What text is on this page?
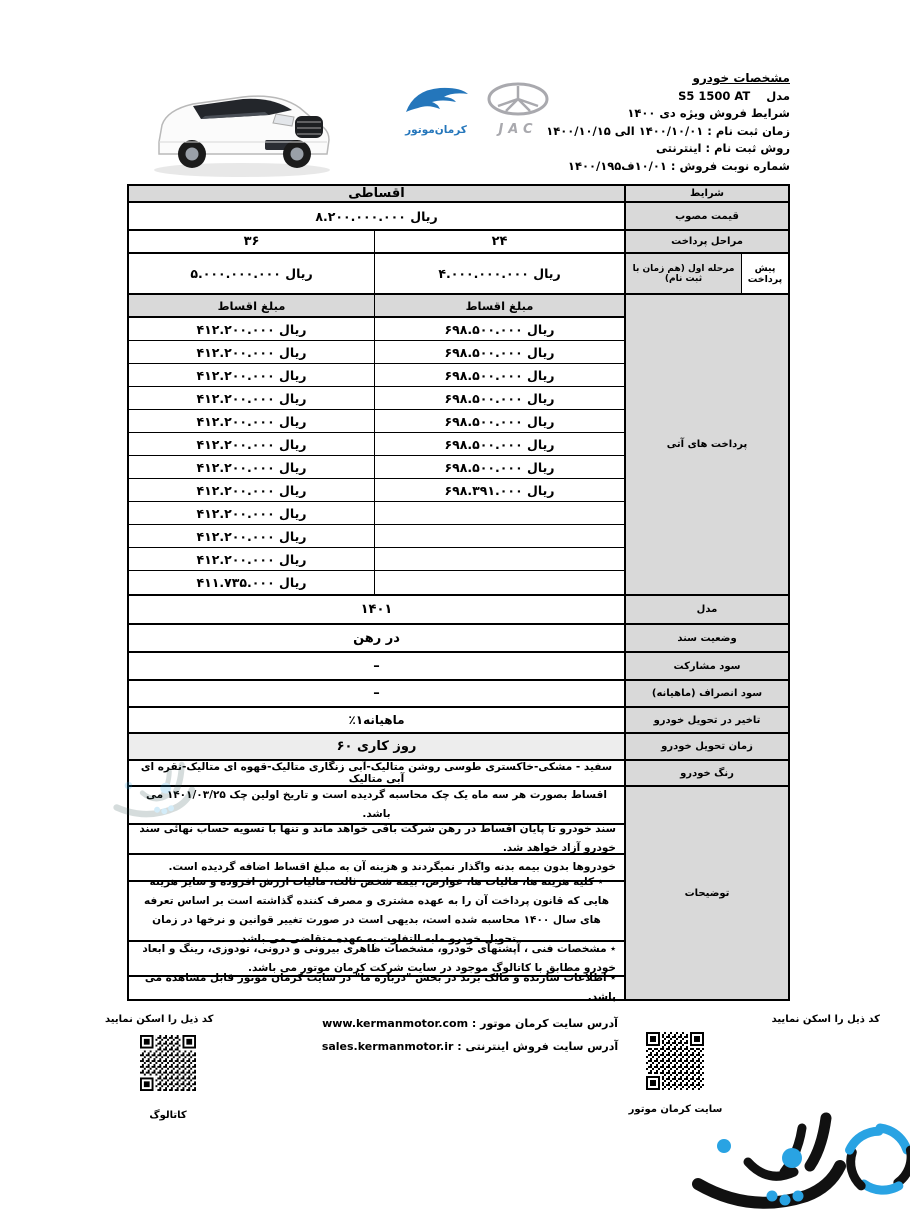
کرمان‌موتور	JAC
مشخصات خودرو
مدل    S5 1500 AT
شرایط فروش ویژه دی ۱۴۰۰
زمان ثبت نام : ۱۴۰۰/۱۰/۰۱ الی ۱۴۰۰/۱۰/۱۵
روش ثبت نام : اینترنتی
شماره نوبت فروش : ۱۰/۰۱ف۱۴۰۰/۱۹۵
شرایط
اقساطی
قیمت مصوب
۸.۲۰۰.۰۰۰.۰۰۰ ریال
مراحل پرداخت
۲۴
۳۶
پیش پرداخت
مرحله اول (هم زمان با ثبت نام)
۴.۰۰۰.۰۰۰.۰۰۰ ریال
۵.۰۰۰.۰۰۰.۰۰۰ ریال
پرداخت های آتی
مبلغ اقساط
مبلغ اقساط
۶۹۸.۵۰۰.۰۰۰ ریال
۴۱۲.۲۰۰.۰۰۰ ریال
۶۹۸.۵۰۰.۰۰۰ ریال
۴۱۲.۲۰۰.۰۰۰ ریال
۶۹۸.۵۰۰.۰۰۰ ریال
۴۱۲.۲۰۰.۰۰۰ ریال
۶۹۸.۵۰۰.۰۰۰ ریال
۴۱۲.۲۰۰.۰۰۰ ریال
۶۹۸.۵۰۰.۰۰۰ ریال
۴۱۲.۲۰۰.۰۰۰ ریال
۶۹۸.۵۰۰.۰۰۰ ریال
۴۱۲.۲۰۰.۰۰۰ ریال
۶۹۸.۵۰۰.۰۰۰ ریال
۴۱۲.۲۰۰.۰۰۰ ریال
۶۹۸.۳۹۱.۰۰۰ ریال
۴۱۲.۲۰۰.۰۰۰ ریال
۴۱۲.۲۰۰.۰۰۰ ریال
۴۱۲.۲۰۰.۰۰۰ ریال
۴۱۲.۲۰۰.۰۰۰ ریال
۴۱۱.۷۳۵.۰۰۰ ریال
مدل
۱۴۰۱
وضعیت سند
در رهن
سود مشارکت
–
سود انصراف (ماهیانه)
–
تاخیر در تحویل خودرو
٪۱ماهیانه
زمان تحویل خودرو
۶۰ روز کاری
رنگ خودرو
سفید - مشکی-خاکستری طوسی روشن متالیک-آبی زنگاری متالیک-قهوه ای متالیک-نقره ای آبی متالیک
توضیحات
اقساط بصورت هر سه ماه یک چک محاسبه گردیده است و تاریخ اولین چک ۱۴۰۱/۰۳/۲۵ می باشد.
سند خودرو تا پایان اقساط در رهن شرکت باقی خواهد ماند و تنها با تسویه حساب نهائی سند خودرو آزاد خواهد شد.
خودروها بدون بیمه بدنه واگذار نمیگردند و هزینه آن به مبلغ اقساط اضافه گردیده است.
٭ کلیه هزینه ها، مالیات ها، عوارض، بیمه شخص ثالث، مالیات ارزش افزوده و سایر هزینه هایی که قانون پرداخت آن را به عهده مشتری و مصرف کننده گذاشته است بر اساس تعرفه های سال ۱۴۰۰ محاسبه شده است، بدیهی است در صورت تغییر قوانین و نرخها در زمان تحویل خودرو مابه التفاوت به عهده متقاضی می باشد.
٭ مشخصات فنی ، آپشنهای خودرو، مشخصات ظاهری بیرونی و درونی، تودوزی، رینگ و ابعاد خودرو مطابق با کاتالوگ موجود در سایت شرکت کرمان موتور می باشد.
٭ اطلاعات سازنده و مالک برند در بخش "درباره ما" در سایت کرمان موتور قابل مشاهده می باشد.
کد ذیل را اسکن نمایید
کد ذیل را اسکن نمایید	آدرس سایت کرمان موتور : www.kermanmotor.com
آدرس سایت فروش اینترنتی : sales.kermanmotor.ir
سایت کرمان موتور
کاتالوگ
